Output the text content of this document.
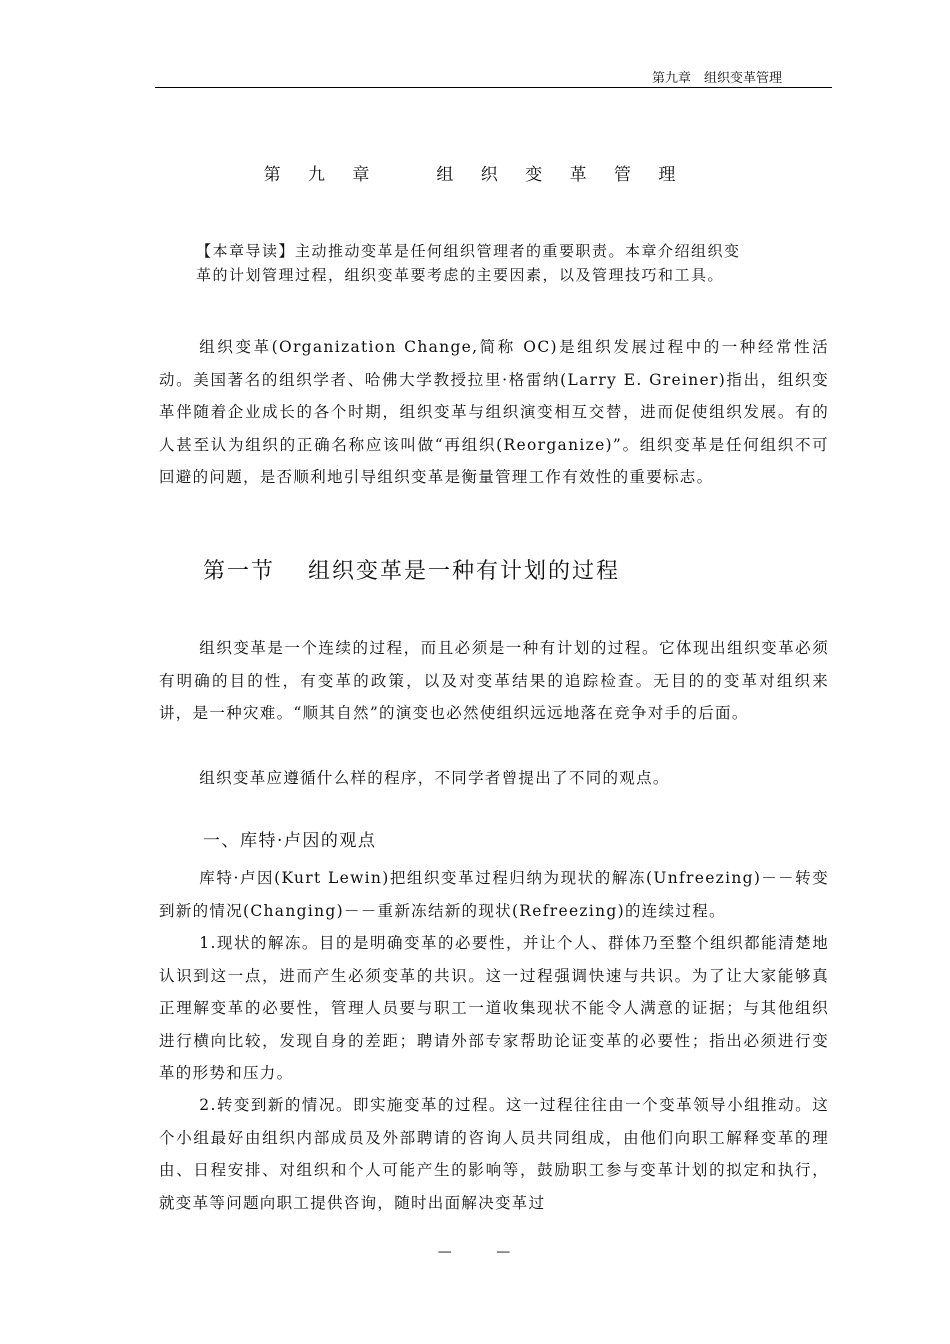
第九章　组织变革管理
第 九 章　　组 织 变 革 管 理
【本章导读】主动推动变革是任何组织管理者的重要职责。本章介绍组织变革的计划管理过程，组织变革要考虑的主要因素，以及管理技巧和工具。

组织变革(Organization Change,简称 OC)是组织发展过程中的一种经常性活动。美国著名的组织学者、哈佛大学教授拉里·格雷纳(Larry E. Greiner)指出，组织变革伴随着企业成长的各个时期，组织变革与组织演变相互交替，进而促使组织发展。有的人甚至认为组织的正确名称应该叫做“再组织(Reorganize)”。组织变革是任何组织不可回避的问题，是否顺利地引导组织变革是衡量管理工作有效性的重要标志。

第一节　 组织变革是一种有计划的过程

组织变革是一个连续的过程，而且必须是一种有计划的过程。它体现出组织变革必须有明确的目的性，有变革的政策，以及对变革结果的追踪检查。无目的的变革对组织来讲，是一种灾难。“顺其自然”的演变也必然使组织远远地落在竞争对手的后面。

组织变革应遵循什么样的程序，不同学者曾提出了不同的观点。

一、库特·卢因的观点

库特·卢因(Kurt Lewin)把组织变革过程归纳为现状的解冻(Unfreezing)－－转变到新的情况(Changing)－－重新冻结新的现状(Refreezing)的连续过程。

1.现状的解冻。目的是明确变革的必要性，并让个人、群体乃至整个组织都能清楚地认识到这一点，进而产生必须变革的共识。这一过程强调快速与共识。为了让大家能够真正理解变革的必要性，管理人员要与职工一道收集现状不能令人满意的证据；与其他组织进行横向比较，发现自身的差距；聘请外部专家帮助论证变革的必要性；指出必须进行变革的形势和压力。

2.转变到新的情况。即实施变革的过程。这一过程往往由一个变革领导小组推动。这个小组最好由组织内部成员及外部聘请的咨询人员共同组成，由他们向职工解释变革的理由、日程安排、对组织和个人可能产生的影响等，鼓励职工参与变革计划的拟定和执行，就变革等问题向职工提供咨询，随时出面解决变革过

—	—
